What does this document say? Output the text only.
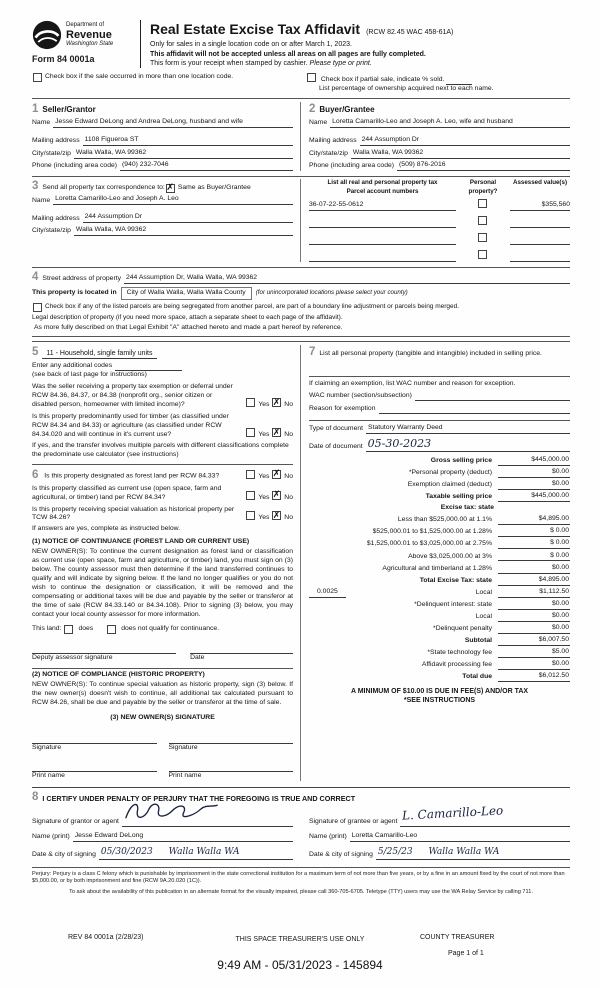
Department of
Revenue
Washington State
Form 84 0001a
Real Estate Excise Tax Affidavit (RCW 82.45 WAC 458-61A)
Only for sales in a single location code on or after March 1, 2023.
This affidavit will not be accepted unless all areas on all pages are fully completed.
This form is your receipt when stamped by cashier. Please type or print.
Check box if the sale occurred in more than one location code.	Check box if partial sale, indicate % sold.
List percentage of ownership acquired next to each name.
1 Seller/Grantor
Name Jesse Edward DeLong and Andrea DeLong, husband and wife
Mailing address 1108 Figueroa ST
City/state/zip Walla Walla, WA 99362
Phone (including area code) (940) 232-7046
2 Buyer/Grantee
Name Loretta Camarillo-Leo and Joseph A. Leo, wife and husband
Mailing address 244 Assumption Dr
City/state/zip Walla Walla, WA 99362
Phone (including area code) (509) 876-2016
3 Send all property tax correspondence to: ✗ Same as Buyer/Grantee
Name Loretta Camarillo-Leo and Joseph A. Leo
Mailing address 244 Assumption Dr
City/state/zip Walla Walla, WA 99362
List all real and personal property tax
Parcel account numbers
Personal property?
Assessed value(s)
36-07-22-55-0612	$355,560
4 Street address of property 244 Assumption Dr, Walla Walla, WA 99362
This property is located in	City of Walla Walla, Walla Walla County	(for unincorporated locations please select your county)
Check box if any of the listed parcels are being segregated from another parcel, are part of a boundary line adjustment or parcels being merged.
Legal description of property (if you need more space, attach a separate sheet to each page of the affidavit).
As more fully described on that Legal Exhibit "A" attached hereto and made a part hereof by reference.
5	11 - Household, single family units
Enter any additional codes
(see back of last page for instructions)
Was the seller receiving a property tax exemption or deferral under RCW 84.36, 84.37, or 84.38 (nonprofit org., senior citizen or disabled person, homeowner with limited income)?	Yes ✗ No
Is this property predominantly used for timber (as classified under RCW 84.34 and 84.33) or agriculture (as classified under RCW 84.34.020 and will continue in it's current use?	Yes ✗ No
If yes, and the transfer involves multiple parcels with different classifications complete the predominate use calculator (see instructions)
6 Is this property designated as forest land per RCW 84.33?	Yes ✗ No
Is this property classified as current use (open space, farm and agricultural, or timber) land per RCW 84.34?	Yes ✗ No
Is this property receiving special valuation as historical property per TCW 84.26?	Yes ✗ No
If answers are yes, complete as instructed below.
(1) NOTICE OF CONTINUANCE (FOREST LAND OR CURRENT USE)
NEW OWNER(S): To continue the current designation as forest land or classification as current use (open space, farm and agriculture, or timber) land, you must sign on (3) below. The county assessor must then determine if the land transferred continues to qualify and will indicate by signing below. If the land no longer qualifies or you do not wish to continue the designation or classification, it will be removed and the compensating or additional taxes will be due and payable by the seller or transferor at the time of sale (RCW 84.33.140 or 84.34.108). Prior to signing (3) below, you may contact your local county assessor for more information.
This land:	does	does not qualify for continuance.
Deputy assessor signature	Date
(2) NOTICE OF COMPLIANCE (HISTORIC PROPERTY)
NEW OWNER(S): To continue special valuation as historic property, sign (3) below. If the new owner(s) doesn't wish to continue, all additional tax calculated pursuant to RCW 84.26, shall be due and payable by the seller or transferor at the time of sale.
(3) NEW OWNER(S) SIGNATURE
Signature
Print name
Signature
Print name
7 List all personal property (tangible and intangible) included in selling price.
If claiming an exemption, list WAC number and reason for exception.
WAC number (section/subsection)
Reason for exemption
Type of document Statutory Warranty Deed
Date of document 05-30-2023
Gross selling price	$445,000.00
*Personal property (deduct)	$0.00
Exemption claimed (deduct)	$0.00
Taxable selling price	$445,000.00
Excise tax: state
Less than $525,000.00 at 1.1%	$4,895.00
$525,000.01 to $1,525,000.00 at 1.28%	$ 0.00
$1,525,000.01 to $3,025,000.00 at 2.75%	$ 0.00
Above $3,025,000.00 at 3%	$ 0.00
Agricultural and timberland at 1.28%	$0.00
Total Excise Tax: state	$4,895.00
0.0025	Local	$1,112.50
*Delinquent interest: state	$0.00
Local	$0.00
*Delinquent penalty	$0.00
Subtotal	$6,007.50
*State technology fee	$5.00
Affidavit processing fee	$0.00
Total due	$6,012.50
A MINIMUM OF $10.00 IS DUE IN FEE(S) AND/OR TAX
*SEE INSTRUCTIONS
8 I CERTIFY UNDER PENALTY OF PERJURY THAT THE FOREGOING IS TRUE AND CORRECT
Signature of grantor or agent
Name (print) Jesse Edward DeLong
Date & city of signing 05/30/2023 Walla Walla WA
Signature of grantee or agent L. Camarillo-Leo
Name (print) Loretta Camarillo-Leo
Date & city of signing 5/25/23 Walla Walla WA
Perjury: Perjury is a class C felony which is punishable by imprisonment in the state correctional institution for a maximum term of not more than five years, or by a fine in an amount fixed by the court of not more than $5,000.00, or by both imprisonment and fine (RCW 9A.20.020 (1C)).
To ask about the availability of this publication in an alternate format for the visually impaired, please call 360-705-6705. Teletype (TTY) users may use the WA Relay Service by calling 711.
REV 84 0001a (2/28/23)	THIS SPACE TREASURER'S USE ONLY	COUNTY TREASURER
Page 1 of 1
9:49 AM - 05/31/2023 - 145894
